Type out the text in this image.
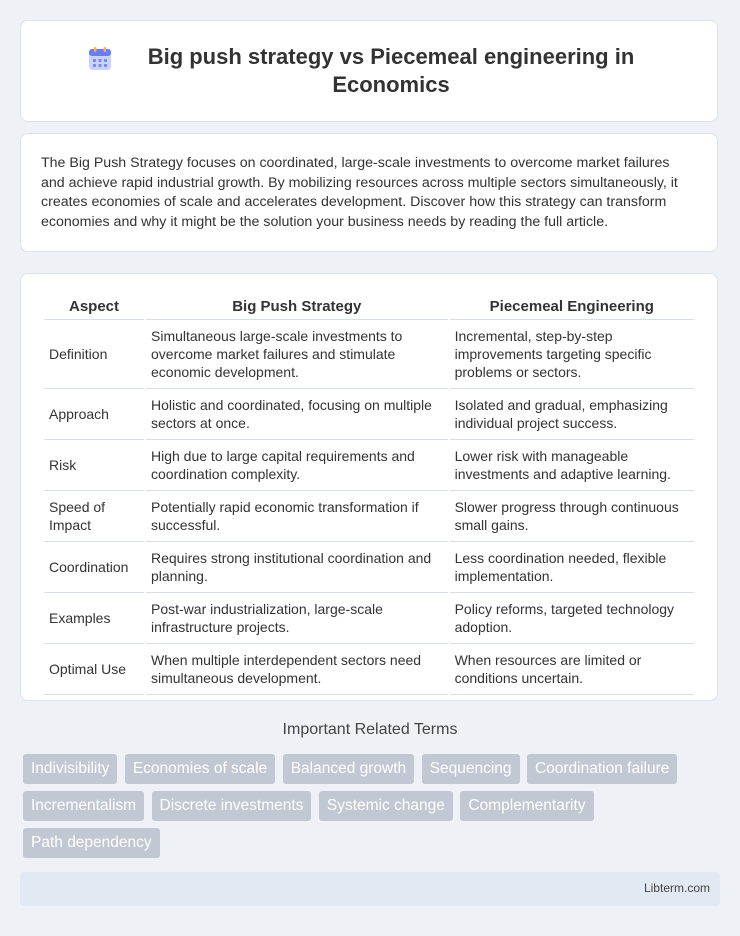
Big push strategy vs Piecemeal engineering in Economics

The Big Push Strategy focuses on coordinated, large-scale investments to overcome market failures and achieve rapid industrial growth. By mobilizing resources across multiple sectors simultaneously, it creates economies of scale and accelerates development. Discover how this strategy can transform economies and why it might be the solution your business needs by reading the full article.

Aspect	Big Push Strategy	Piecemeal Engineering
Definition	Simultaneous large-scale investments to overcome market failures and stimulate economic development.	Incremental, step-by-step improvements targeting specific problems or sectors.
Approach	Holistic and coordinated, focusing on multiple sectors at once.	Isolated and gradual, emphasizing individual project success.
Risk	High due to large capital requirements and coordination complexity.	Lower risk with manageable investments and adaptive learning.
Speed of Impact	Potentially rapid economic transformation if successful.	Slower progress through continuous small gains.
Coordination	Requires strong institutional coordination and planning.	Less coordination needed, flexible implementation.
Examples	Post-war industrialization, large-scale infrastructure projects.	Policy reforms, targeted technology adoption.
Optimal Use	When multiple interdependent sectors need simultaneous development.	When resources are limited or conditions uncertain.
Important Related Terms
Indivisibility Economies of scale Balanced growth Sequencing Coordination failure Incrementalism Discrete investments Systemic change Complementarity Path dependency
Libterm.com
